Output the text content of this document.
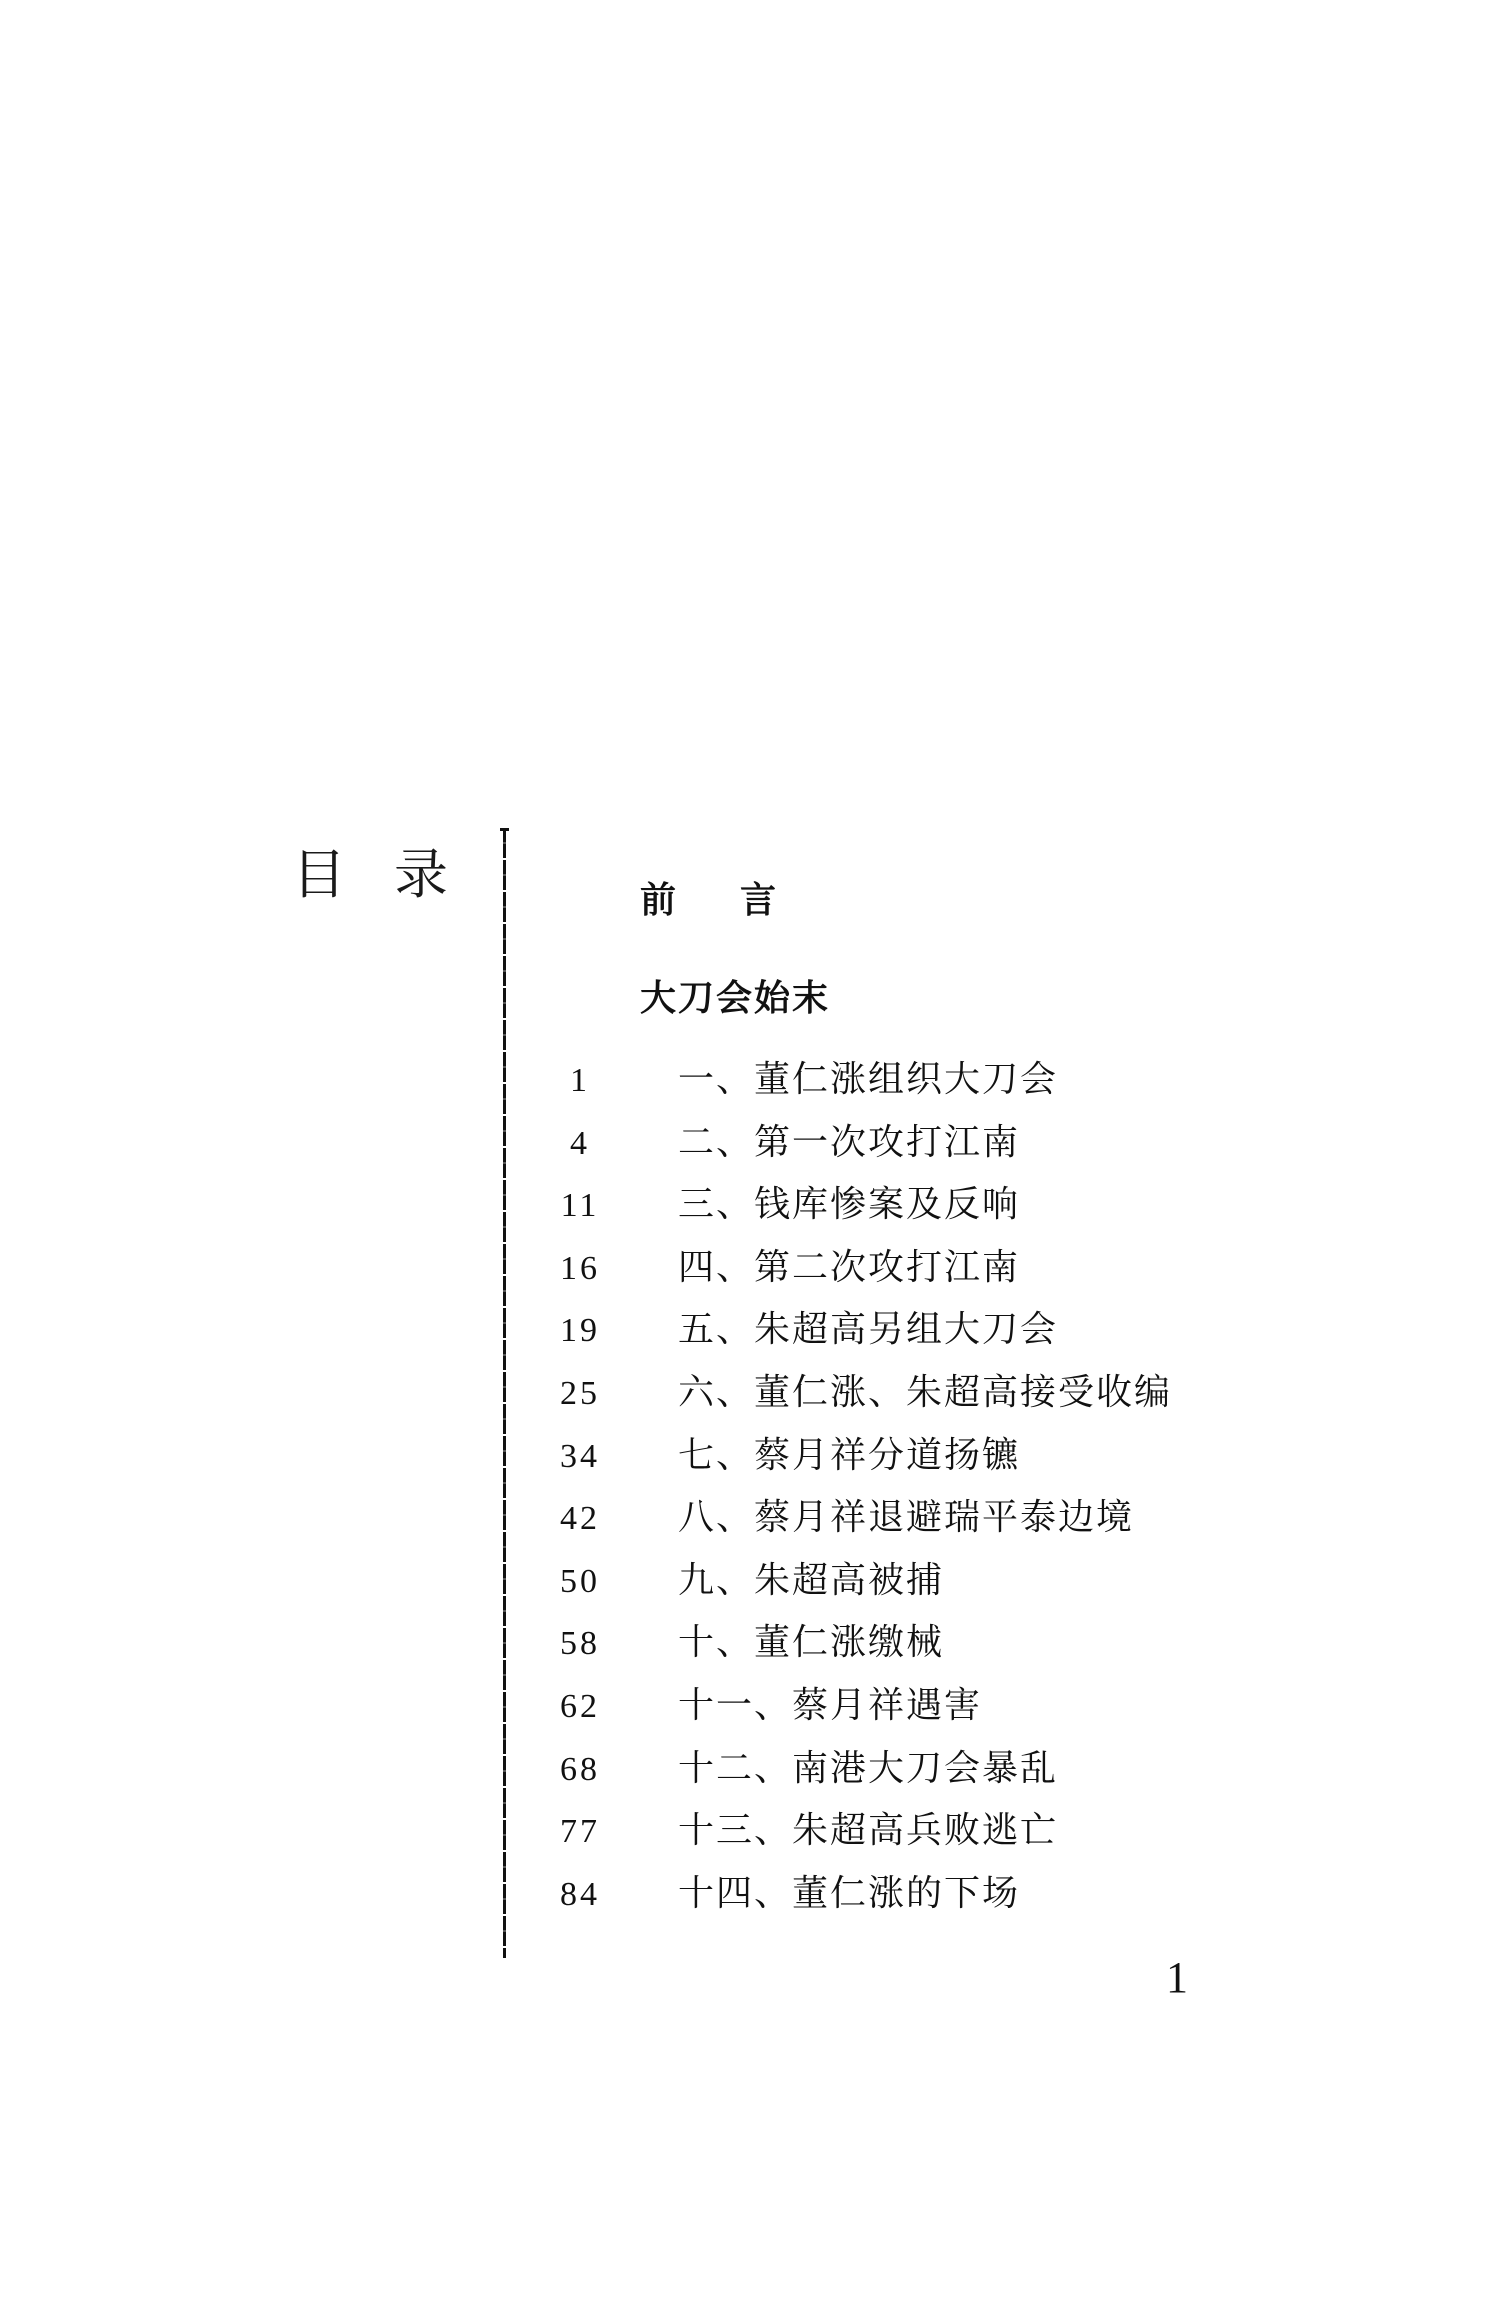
目录	前言
大刀会始末
1	一、董仁涨组织大刀会
4	二、第一次攻打江南
11	三、钱库惨案及反响
16	四、第二次攻打江南
19	五、朱超高另组大刀会
25	六、董仁涨、朱超高接受收编
34	七、蔡月祥分道扬镳
42	八、蔡月祥退避瑞平泰边境
50	九、朱超高被捕
58	十、董仁涨缴械
62	十一、蔡月祥遇害
68	十二、南港大刀会暴乱
77	十三、朱超高兵败逃亡
84	十四、董仁涨的下场
1
